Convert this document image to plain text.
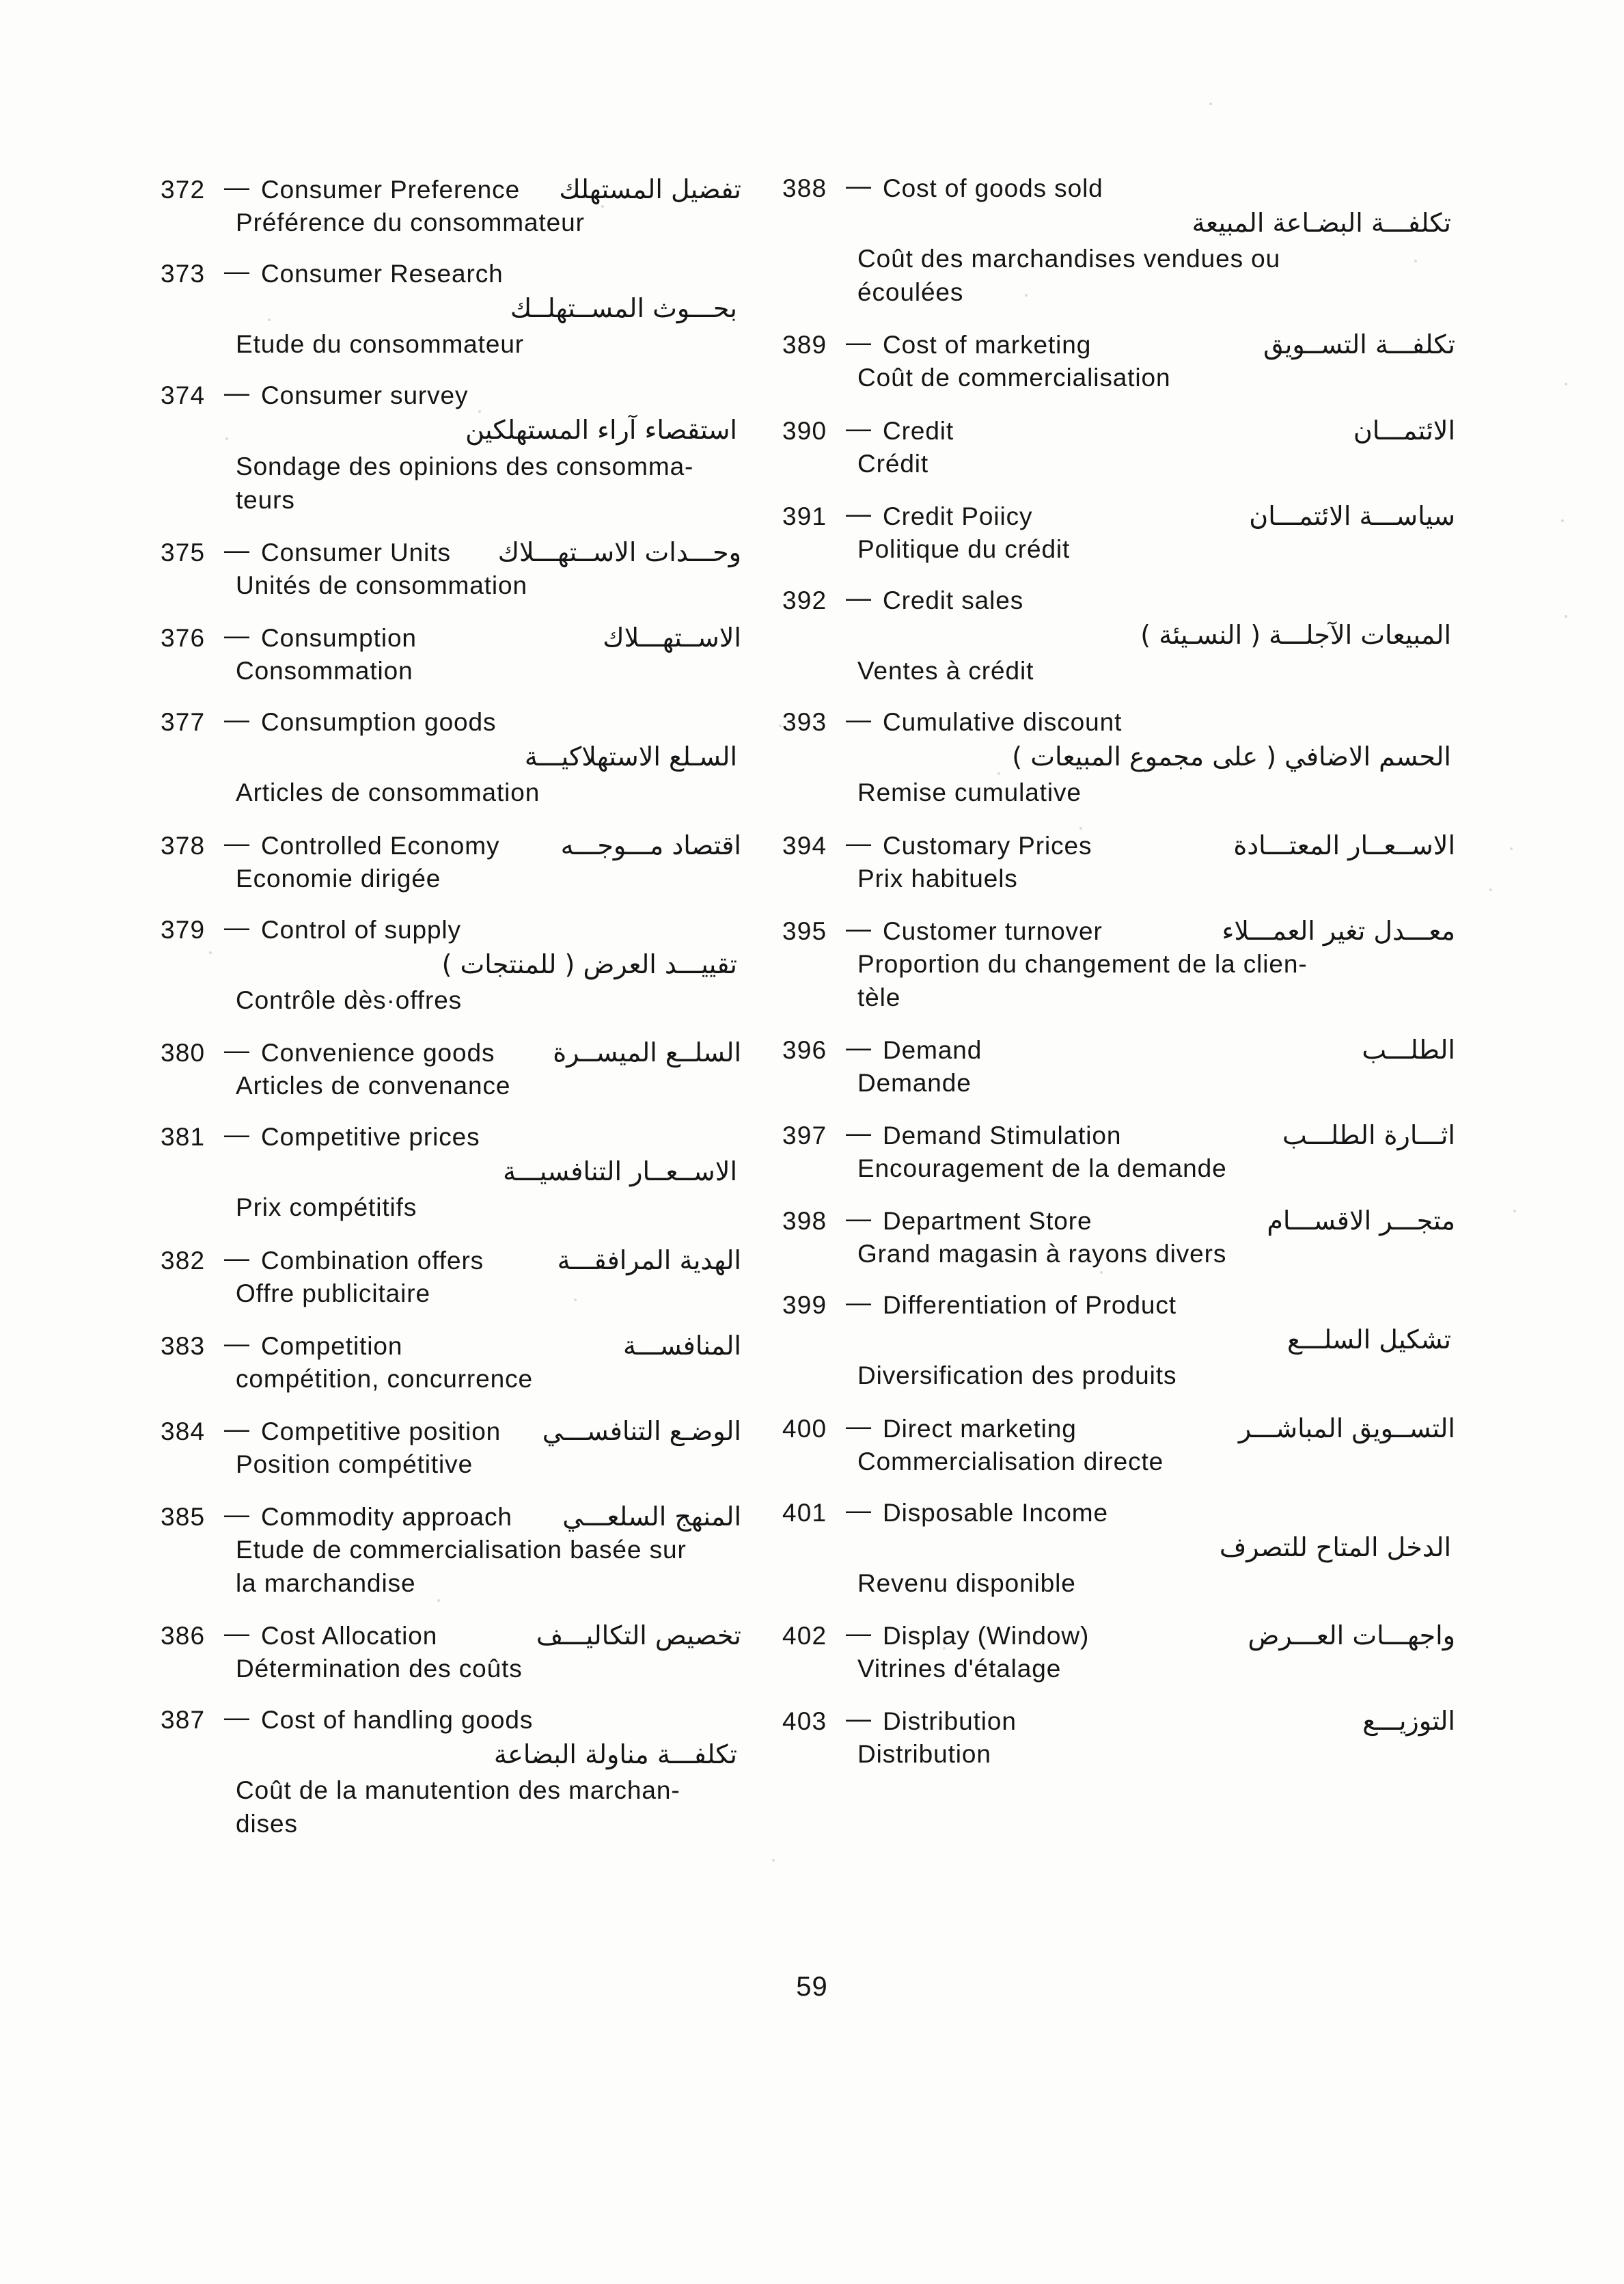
372 — Consumer Preference	تفضيل المستهلك
Préférence du consommateur
373 — Consumer Research
بحـــوث المســتهلــك
Etude du consommateur
374 — Consumer survey
استقصاء آراء المستهلكين
Sondage des opinions des consomma-
teurs
375 — Consumer Units	وحـــدات الاســتهـــلاك
Unités de consommation
376 — Consumption	الاســتهـــلاك
Consommation
377 — Consumption goods
السـلع الاستهلاكيـــة
Articles de consommation
378 — Controlled Economy	اقتصاد مـــوجـــه
Economie dirigée
379 — Control of supply
تقييـــد العرض ( للمنتجات )
Contrôle dès·offres
380 — Convenience goods	السلــع الميســرة
Articles de convenance
381 — Competitive prices
الاســعــار التنافسيـــة
Prix compétitifs
382 — Combination offers	الهدية المرافقـــة
Offre publicitaire
383 — Competition	المنافســـة
compétition, concurrence
384 — Competitive position	الوضـع التنافســـي
Position compétitive
385 — Commodity approach	المنهج السلعـــي
Etude de commercialisation basée sur
la marchandise
386 — Cost Allocation	تخصيص التكاليـــف
Détermination des coûts
387 — Cost of handling goods
تكلفـــة مناولة البضاعة
Coût de la manutention des marchan-
dises
388 — Cost of goods sold
تكلفـــة البضـاعة المبيعة
Coût des marchandises vendues ou
écoulées
389 — Cost of marketing	تكلفـــة التســويق
Coût de commercialisation
390 — Credit	الائتمـــان
Crédit
391 — Credit Poiicy	سياســـة الائتمـــان
Politique du crédit
392 — Credit sales
المبيعات الآجلـــة ( النسـيئة )
Ventes à crédit
393 — Cumulative discount
الحسم الاضافي ( على مجموع المبيعات )
Remise cumulative
394 — Customary Prices	الاســعــار المعتـــادة
Prix habituels
395 — Customer turnover	معـــدل تغير العمـــلاء
Proportion du changement de la clien-
tèle
396 — Demand	الطلـــب
Demande
397 — Demand Stimulation	اثـــارة الطلـــب
Encouragement de la demande
398 — Department Store	متجـــر الاقســـام
Grand magasin à rayons divers
399 — Differentiation of Product
تشكيل السلـــع
Diversification des produits
400 — Direct marketing	التســويق المباشـــر
Commercialisation directe
401 — Disposable Income
الدخل المتاح للتصرف
Revenu disponible
402 — Display (Window)	واجهـــات العـــرض
Vitrines d'étalage
403 — Distribution	التوزيـــع
Distribution
59
